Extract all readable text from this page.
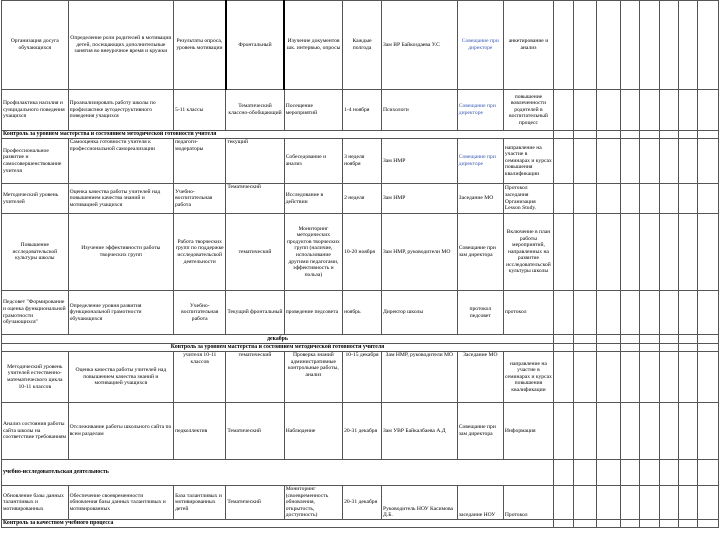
Организация досуга обучающихся	Определение роли родителей в мотивации детей, посещающих дополнительные занятия во внеурочное время и кружки	Результаты опроса, уровень мотивации	Фронтальный	Изучение документов шк. интервью, опросы	Каждые полгода	Зам ВР Байкоздаева У.С	Совещание при директоре	анкетирование и анализ								
Профилактика насилия и суицидального поведения учащихся	Проанализировать работу школы по профилактике аутодеструктивного поведения учащихся	5-11 классы	Тематический классно-обобщающий	Посещение мероприятий	1-4 ноября	Психологи	Совещание при директоре	повышение вовлеченности родителей в воспитательный процесс								
Контроль за уровнем мастерства и состоянием методической готовности учителя																
Профессиональное развитие и самосовершенствование учителя	Самооценка готовности учителя к профессиональной самореализации	педагоги-модераторы	текущий	Собеседование и анализ	3 неделя ноября	Зам НМР	Совещание при директоре	направление на участие в семинарах и курсах повышения квалификации								
Методический уровень учителей	Оценка качества работы учителей над повышением качества знаний и мотивацией учащихся	Учебно-воспитательная работа	Тематический	Исследование в действии	2 неделя	Зам НМР	Заседание МО	Протокол заседания Организация Lesson Study.								
Повышение исследовательской культуры школы	Изучение эффективности работы творческих групп	Работа творческих групп по поддержке исследовательской деятельности	тематический	Мониторинг методических продуктов творческих групп (наличие, использование другими педагогами, эффективность и польза)	10-20 ноября	Зам НМР, руководители МО	Совещание при зам директора	Включение в план работы мероприятий, направленных на развитие исследовательской культуры школы								
Педсовет "Формирование и оценка функциональной грамотности обучающихся"	Определение уровня развития функциональной грамотности обучающихся	Учебно-воспитательная работа	Текущий фронтальный	проведение педсовета	ноябрь	Директор школы	протокол педсовет	протокол								
декабрь																
Контроль за уровнем мастерства и состоянием методической готовности учителя																
Методический уровень учителей естественно-математического цикла 10-11 классов	Оценка качества работы учителей над повышением качества знаний и мотивацией учащихся	учителя 10-11 классов	тематический	Проверка знаний административные контрольные работы, анализ	10-15 декабря	Зам НМР, руководители МО	Заседание МО	направление на участие в семинарах и курсах повышения квалификации								
Анализ состояния работы сайта школы на соответствие требованиям	Отслеживание работы школьного сайта по всем разделам	педколлектив	Тематический	Наблюдение	20-31 декабря	Зам УВР Байкалбаева А.Д	Совещание при зам директора	Информация								
учебно-исследовательская деятельность																
Обновление базы данных талантливых и мотивированных	Обеспечение своевременности обновления базы данных талантливых и мотивированных	База талантливых и мотивированных детей	Тематический	Мониторинг (своевременность обновления, открытость, доступность)	20-31 декабря	Руководитель НОУ Касимова Д.Б.	заседание НОУ	Протокол								
Контроль за качеством учебного процесса																
